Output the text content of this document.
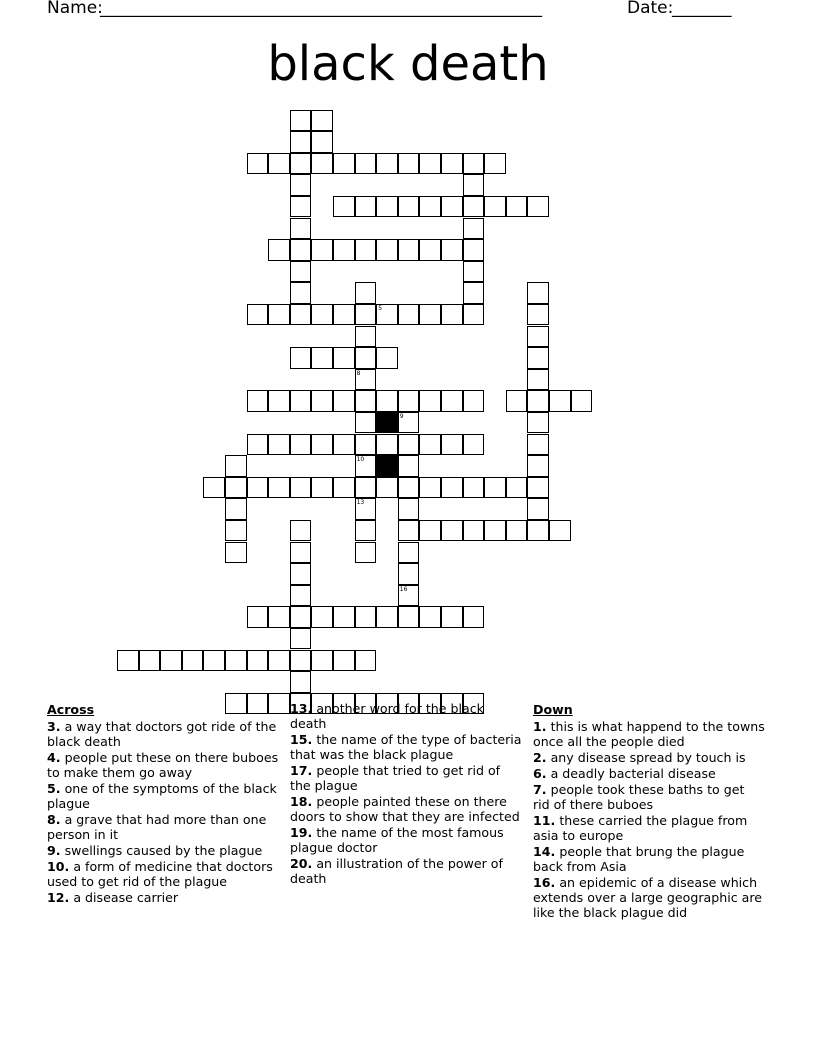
Name:
____________________________________________________	Date:
_______
black death
5
8
9
10
13
16
Across
3. a way that doctors got ride of the black death
4. people put these on there buboes to make them go away
5. one of the symptoms of the black plague
8. a grave that had more than one person in it
9. swellings caused by the plague
10. a form of medicine that doctors used to get rid of the plague
12. a disease carrier
13. another word for the black death
15. the name of the type of bacteria that was the black plague
17. people that tried to get rid of the plague
18. people painted these on there doors to show that they are infected
19. the name of the most famous plague doctor
20. an illustration of the power of death
Down
1. this is what happend to the towns once all the people died
2. any disease spread by touch is
6. a deadly bacterial disease
7. people took these baths to get rid of there buboes
11. these carried the plague from asia to europe
14. people that brung the plague back from Asia
16. an epidemic of a disease which extends over a large geographic are like the black plague did
